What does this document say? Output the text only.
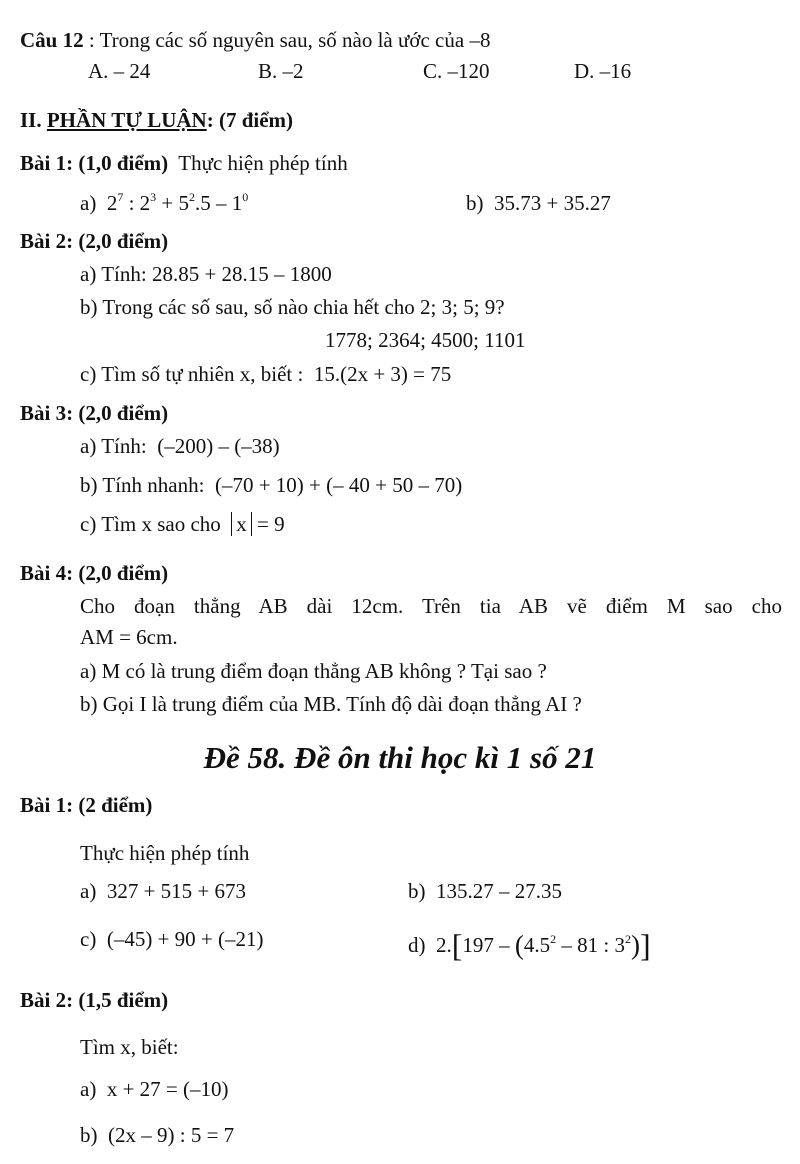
Câu 12 : Trong các số nguyên sau, số nào là ước của –8
A. – 24	B. –2	C. –120	D. –16
II. PHẦN TỰ LUẬN: (7 điểm)
Bài 1: (1,0 điểm) Thực hiện phép tính
a) $2^7$ : $2^3 + 5^2.5 - 1^0$	b) 35.73 + 35.27
Bài 2: (2,0 điểm)
a) Tính: 28.85 + 28.15 – 1800
b) Trong các số sau, số nào chia hết cho 2; 3; 5; 9?
1778; 2364; 4500; 1101
c) Tìm số tự nhiên x, biết : 15.(2x + 3) = 75
Bài 3: (2,0 điểm)
a) Tính: (–200) – (–38)
b) Tính nhanh: (–70 + 10) + (– 40 + 50 – 70)
c) Tìm x sao cho x = 9
Bài 4: (2,0 điểm)
Cho đoạn thẳng AB dài 12cm. Trên tia AB vẽ điểm M sao cho
AM = 6cm.
a) M có là trung điểm đoạn thẳng AB không ? Tại sao ?
b) Gọi I là trung điểm của MB. Tính độ dài đoạn thẳng AI ?
Đề 58. Đề ôn thi học kì 1 số 21
Bài 1: (2 điểm)
Thực hiện phép tính
a) 327 + 515 + 673	b) 135.27 – 27.35
c) (–45) + 90 + (–21)	d) $2.[197 - (4.5^2 - 81$ : $3^2$)]
Bài 2: (1,5 điểm)
Tìm x, biết:
a) x + 27 = (–10)
b) (2x – 9) : 5 = 7
